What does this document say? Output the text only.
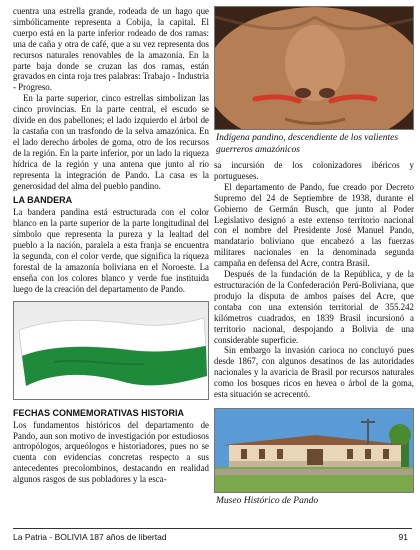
cuentra una estrella grande, rodeada de un hago que simbólicamente representa a Cobija, la capital. El cuerpo está en la parte inferior rodeado de dos ramas: una de caña y otra de café, que a su vez representa dos recursos naturales renovables de la amazonía. En la parte baja donde se cruzan las dos ramas, están gravados en cinta roja tres palabras: Trabajo - Industria - Progreso.

En la parte superior, cinco estrellas simbolizan las cinco provincias. En la parte central, el escudo se divide en dos pabellones; el lado izquierdo el árbol de la castaña con un trasfondo de la selva amazónica. En el lado derecho árboles de goma, otro de los recursos de la región. En la parte inferior, por un lado la riqueza hídrica de la región y una antena que junto al río representa la integración de Pando. La casa es la generosidad del alma del pueblo pandino.

LA BANDERA

La bandera pandina está estructurada con el color blanco en la parte superior de la parte longitudinal del símbolo que representa la pureza y la lealtad del pueblo a la nación, paralela a esta franja se encuentra la segunda, con el color verde, que significa la riqueza forestal de la amazonía boliviana en el Noroeste. La enseña con los colores blanco y verde fue instituida luego de la creación del departamento de Pando.

FECHAS CONMEMORATIVAS HISTORIA

Los fundamentos históricos del departamento de Pando, aun son motivo de investigación por estudiosos antropólogos, arqueólogos e historiadores, pues no se cuenta con evidencias concretas respecto a sus antecedentes precolombinos, destacando en realidad algunos rasgos de sus pobladores y la esca-

Indígena pandino, descendiente de los valientes guerreros amazónicos

sa incursión de los colonizadores ibéricos y portugueses.

El departamento de Pando, fue creado por Decreto Supremo del 24 de Septiembre de 1938, durante el Gobierno de Germán Busch, que junto al Poder Legislativo designó a este extenso territorio nacional con el nombre del Presidente José Manuel Pando, mandatario boliviano que encabezó a las fuerzas militares nacionales en la denominada segunda campaña en defensa del Acre, contra Brasil.

Después de la fundación de la República, y de la estructuración de la Confederación Perú-Boliviana, que produjo la disputa de ambos países del Acre, que contaba con una extensión territorial de 355.242 kilómetros cuadrados, en 1839 Brasil incursionó a territorio nacional, despojando a Bolivia de una considerable superficie.

Sin embargo la invasión carioca no concluyó pues desde 1867, con algunos desatinos de las autoridades nacionales y la avaricia de Brasil por recursos naturales como los bosques ricos en hevea o árbol de la goma, esta situación se acrecentó.

Museo Histórico de Pando
La Patria - BOLIVIA 187 años de libertad	91
